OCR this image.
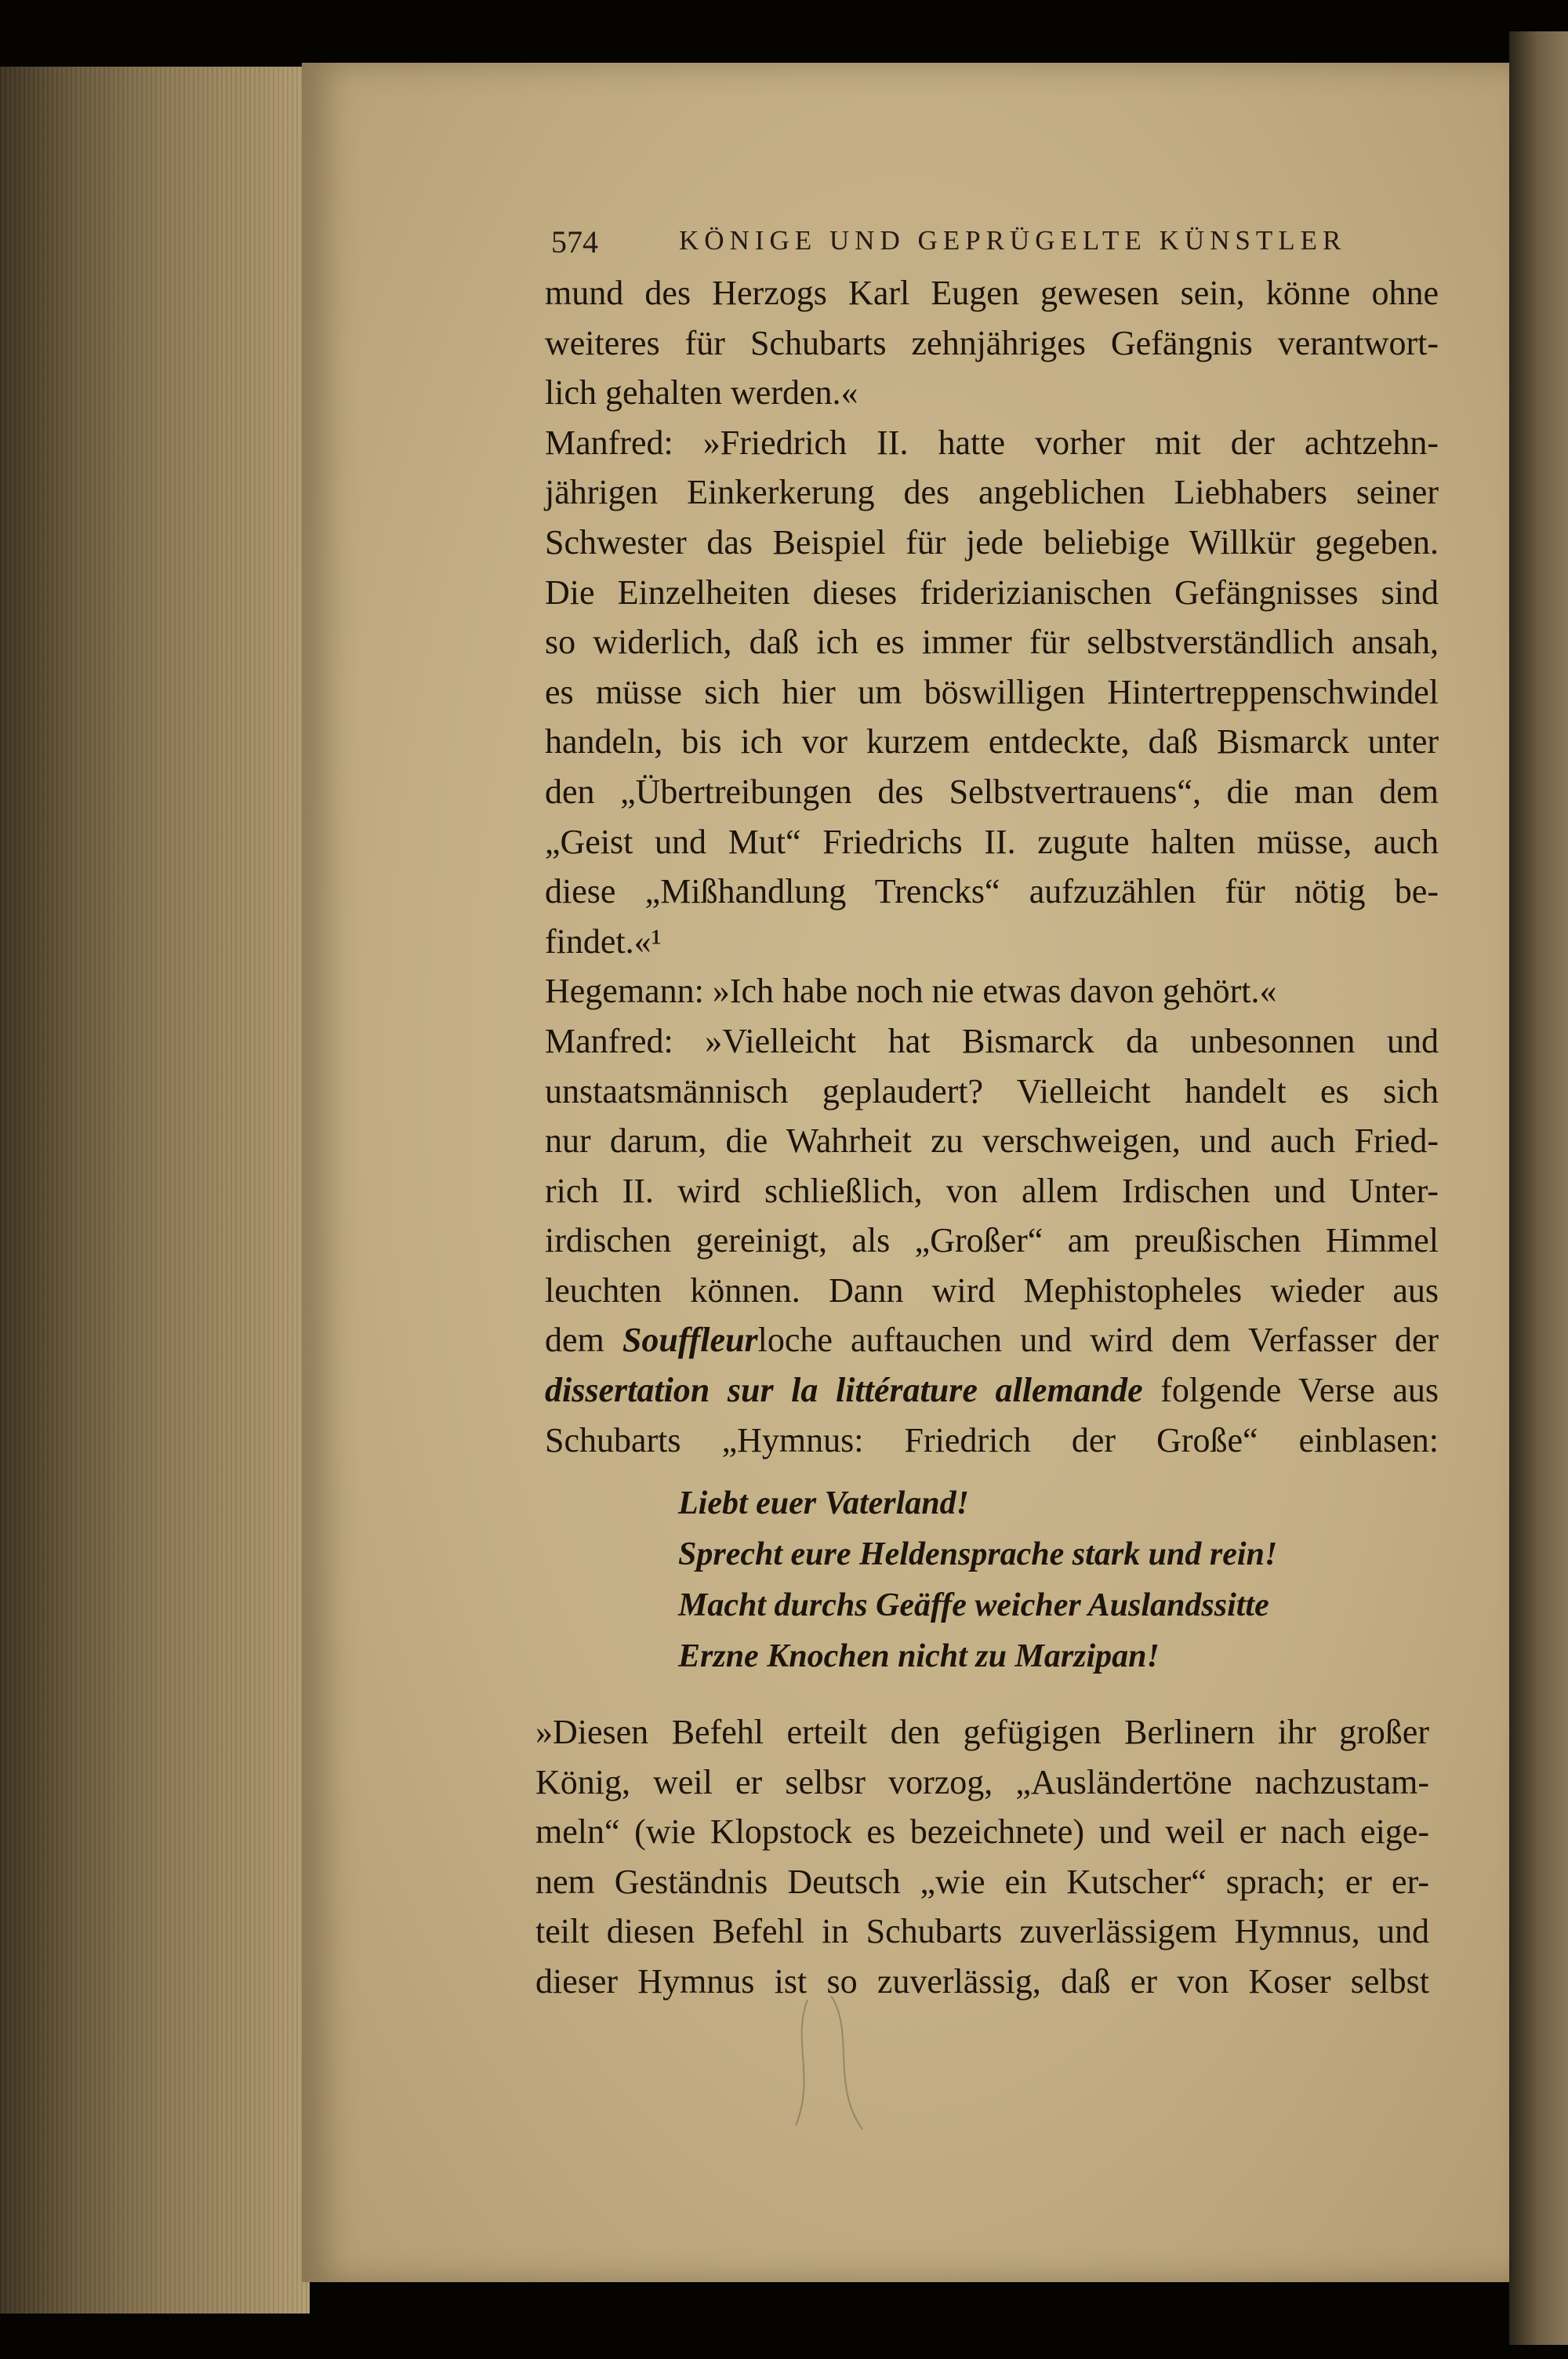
574	KÖNIGE UND GEPRÜGELTE KÜNSTLER
mund des Herzogs Karl Eugen gewesen sein, könne ohne
weiteres für Schubarts zehnjähriges Gefängnis verantwort-
lich gehalten werden.«
Manfred: »Friedrich II. hatte vorher mit der achtzehn-
jährigen Einkerkerung des angeblichen Liebhabers seiner
Schwester das Beispiel für jede beliebige Willkür gegeben.
Die Einzelheiten dieses friderizianischen Gefängnisses sind
so widerlich, daß ich es immer für selbstverständlich ansah,
es müsse sich hier um böswilligen Hintertreppenschwindel
handeln, bis ich vor kurzem entdeckte, daß Bismarck unter
den „Übertreibungen des Selbstvertrauens“, die man dem
„Geist und Mut“ Friedrichs II. zugute halten müsse, auch
diese „Mißhandlung Trencks“ aufzuzählen für nötig be-
findet.«¹
Hegemann: »Ich habe noch nie etwas davon gehört.«
Manfred: »Vielleicht hat Bismarck da unbesonnen und
unstaatsmännisch geplaudert? Vielleicht handelt es sich
nur darum, die Wahrheit zu verschweigen, und auch Fried-
rich II. wird schließlich, von allem Irdischen und Unter-
irdischen gereinigt, als „Großer“ am preußischen Himmel
leuchten können. Dann wird Mephistopheles wieder aus
dem Souffleurloche auftauchen und wird dem Verfasser der
dissertation sur la littérature allemande folgende Verse aus
Schubarts „Hymnus: Friedrich der Große“ einblasen:
Liebt euer Vaterland!
Sprecht eure Heldensprache stark und rein!
Macht durchs Geäffe weicher Auslandssitte
Erzne Knochen nicht zu Marzipan!
»Diesen Befehl erteilt den gefügigen Berlinern ihr großer
König, weil er selbsr vorzog, „Ausländertöne nachzustam-
meln“ (wie Klopstock es bezeichnete) und weil er nach eige-
nem Geständnis Deutsch „wie ein Kutscher“ sprach; er er-
teilt diesen Befehl in Schubarts zuverlässigem Hymnus, und
dieser Hymnus ist so zuverlässig, daß er von Koser selbst
